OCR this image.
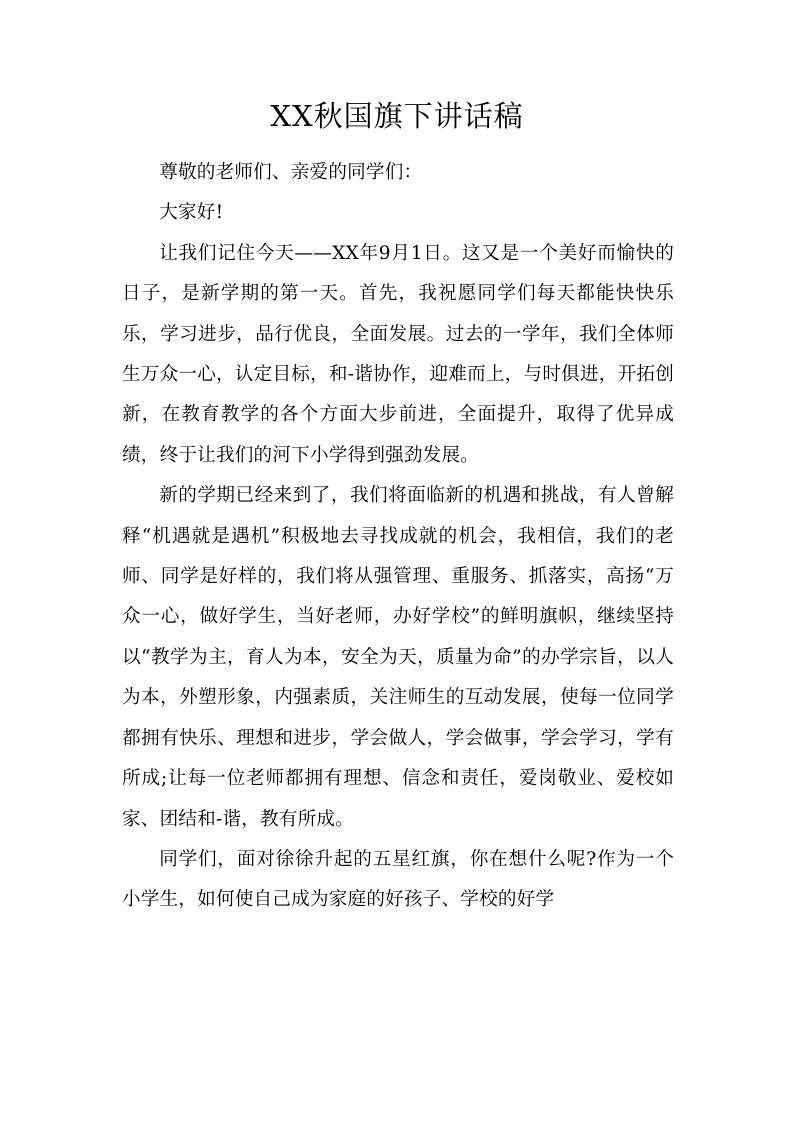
XX秋国旗下讲话稿

尊敬的老师们、亲爱的同学们：

大家好!

让我们记住今天——XX年9月1日。这又是一个美好而愉快的日子，是新学期的第一天。首先，我祝愿同学们每天都能快快乐乐，学习进步，品行优良，全面发展。过去的一学年，我们全体师生万众一心，认定目标，和-谐协作，迎难而上，与时俱进，开拓创新，在教育教学的各个方面大步前进，全面提升，取得了优异成绩，终于让我们的河下小学得到强劲发展。

新的学期已经来到了，我们将面临新的机遇和挑战，有人曾解释“机遇就是遇机”积极地去寻找成就的机会，我相信，我们的老师、同学是好样的，我们将从强管理、重服务、抓落实，高扬“万众一心，做好学生，当好老师，办好学校”的鲜明旗帜，继续坚持以“教学为主，育人为本，安全为天，质量为命”的办学宗旨，以人为本，外塑形象，内强素质，关注师生的互动发展，使每一位同学都拥有快乐、理想和进步，学会做人，学会做事，学会学习，学有所成;让每一位老师都拥有理想、信念和责任，爱岗敬业、爱校如家、团结和-谐，教有所成。

同学们，面对徐徐升起的五星红旗，你在想什么呢?作为一个小学生，如何使自己成为家庭的好孩子、学校的好学
